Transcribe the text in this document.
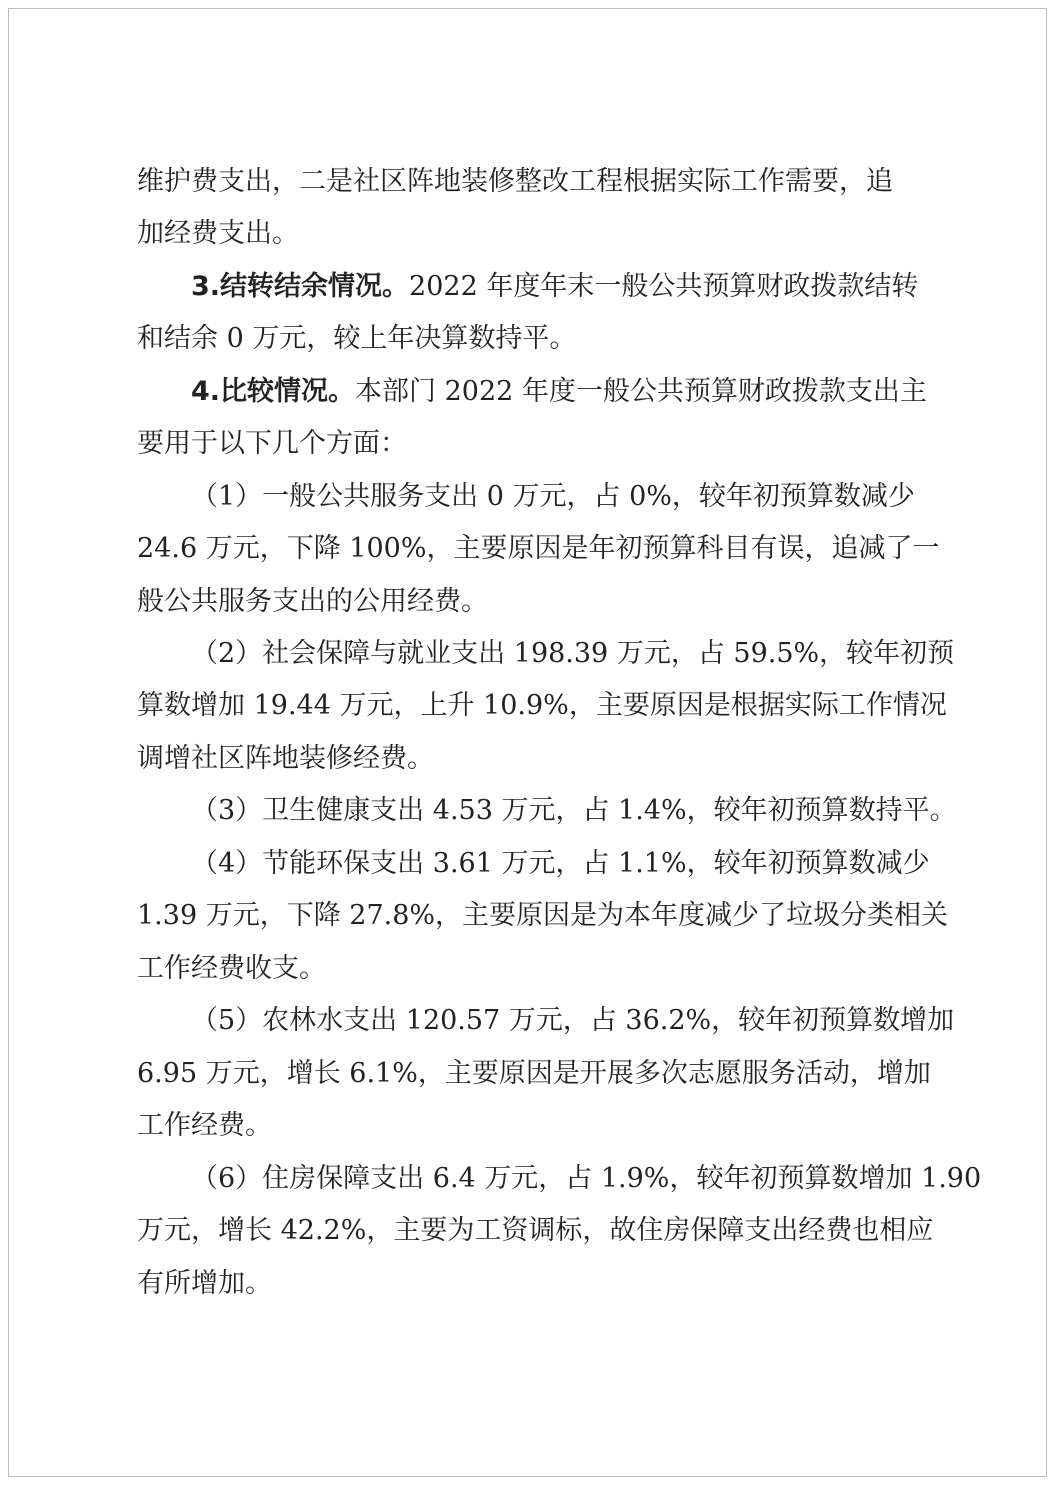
维护费支出，二是社区阵地装修整改工程根据实际工作需要，追
加经费支出。
3.结转结余情况。2022 年度年末一般公共预算财政拨款结转
和结余 0 万元，较上年决算数持平。
4.比较情况。本部门 2022 年度一般公共预算财政拨款支出主
要用于以下几个方面：
（1）一般公共服务支出 0 万元，占 0%，较年初预算数减少
24.6 万元，下降 100%，主要原因是年初预算科目有误，追减了一
般公共服务支出的公用经费。
（2）社会保障与就业支出 198.39 万元，占 59.5%，较年初预
算数增加 19.44 万元，上升 10.9%，主要原因是根据实际工作情况
调增社区阵地装修经费。
（3）卫生健康支出 4.53 万元，占 1.4%，较年初预算数持平。
（4）节能环保支出 3.61 万元，占 1.1%，较年初预算数减少
1.39 万元，下降 27.8%，主要原因是为本年度减少了垃圾分类相关
工作经费收支。
（5）农林水支出 120.57 万元，占 36.2%，较年初预算数增加
6.95 万元，增长 6.1%，主要原因是开展多次志愿服务活动，增加
工作经费。
（6）住房保障支出 6.4 万元，占 1.9%，较年初预算数增加 1.90
万元，增长 42.2%，主要为工资调标，故住房保障支出经费也相应
有所增加。
